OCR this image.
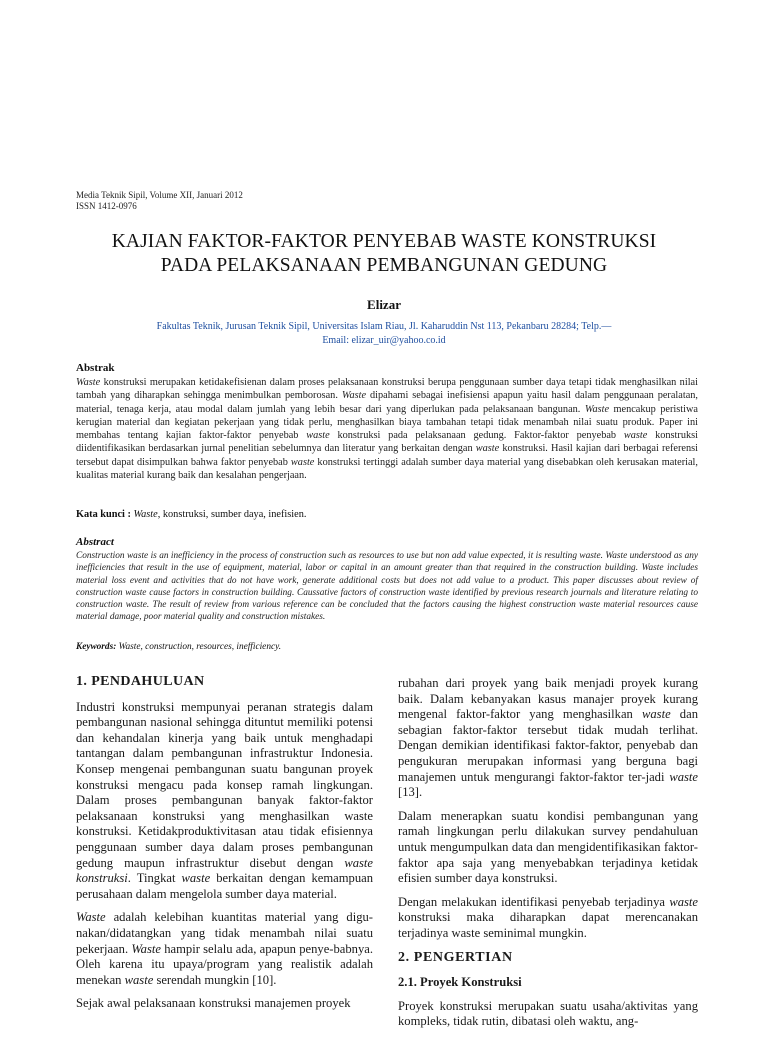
Media Teknik Sipil, Volume XII, Januari 2012
ISSN 1412-0976
KAJIAN FAKTOR-FAKTOR PENYEBAB WASTE KONSTRUKSI
PADA PELAKSANAAN PEMBANGUNAN GEDUNG
Elizar
Fakultas Teknik, Jurusan Teknik Sipil, Universitas Islam Riau, Jl. Kaharuddin Nst 113, Pekanbaru 28284; Telp.—
Email: elizar_uir@yahoo.co.id
Abstrak
Waste konstruksi merupakan ketidakefisienan dalam proses pelaksanaan konstruksi berupa penggunaan sumber daya tetapi tidak menghasilkan nilai tambah yang diharapkan sehingga menimbulkan pemborosan. Waste dipahami sebagai inefisiensi apapun yaitu hasil dalam penggunaan peralatan, material, tenaga kerja, atau modal dalam jumlah yang lebih besar dari yang diperlukan pada pelaksanaan bangunan. Waste mencakup peristiwa kerugian material dan kegiatan pekerjaan yang tidak perlu, menghasilkan biaya tambahan tetapi tidak menambah nilai suatu produk. Paper ini membahas tentang kajian faktor-faktor penyebab waste konstruksi pada pelaksanaan gedung. Faktor-faktor penyebab waste konstruksi diidentifikasikan berdasarkan jurnal penelitian sebelumnya dan literatur yang berkaitan dengan waste konstruksi. Hasil kajian dari berbagai referensi tersebut dapat disimpulkan bahwa faktor penyebab waste konstruksi tertinggi adalah sumber daya material yang disebabkan oleh kerusakan material, kualitas material kurang baik dan kesalahan pengerjaan.
Kata kunci : Waste, konstruksi, sumber daya, inefisien.
Abstract
Construction waste is an inefficiency in the process of construction such as resources to use but non add value expected, it is resulting waste. Waste understood as any inefficiencies that result in the use of equipment, material, labor or capital in an amount greater than that required in the construction building. Waste includes material loss event and activities that do not have work, generate additional costs but does not add value to a product. This paper discusses about review of construction waste cause factors in construction building. Caussative factors of construction waste identified by previous research journals and literature relating to construction waste. The result of review from various reference can be concluded that the factors causing the highest construction waste material resources cause material damage, poor material quality and construction mistakes.
Keywords: Waste, construction, resources, inefficiency.
1. PENDAHULUAN

Industri konstruksi mempunyai peranan strategis dalam pembangunan nasional sehingga dituntut memiliki potensi dan kehandalan kinerja yang baik untuk menghadapi tantangan dalam pembangunan infrastruktur Indonesia. Konsep mengenai pembangunan suatu bangunan proyek konstruksi mengacu pada konsep ramah lingkungan. Dalam proses pembangunan banyak faktor-faktor pelaksanaan konstruksi yang menghasilkan waste konstruksi. Ketidakproduktivitasan atau tidak efisiennya penggunaan sumber daya dalam proses pembangunan gedung maupun infrastruktur disebut dengan waste konstruksi. Tingkat waste berkaitan dengan kemampuan perusahaan dalam mengelola sumber daya material.

Waste adalah kelebihan kuantitas material yang digu-nakan/didatangkan yang tidak menambah nilai suatu pekerjaan. Waste hampir selalu ada, apapun penye-babnya. Oleh karena itu upaya/program yang realistik adalah menekan waste serendah mungkin [10].

Sejak awal pelaksanaan konstruksi manajemen proyek

rubahan dari proyek yang baik menjadi proyek kurang baik. Dalam kebanyakan kasus manajer proyek kurang mengenal faktor-faktor yang menghasilkan waste dan sebagian faktor-faktor tersebut tidak mudah terlihat. Dengan demikian identifikasi faktor-faktor, penyebab dan pengukuran merupakan informasi yang berguna bagi manajemen untuk mengurangi faktor-faktor ter-jadi waste [13].

Dalam menerapkan suatu kondisi pembangunan yang ramah lingkungan perlu dilakukan survey pendahuluan untuk mengumpulkan data dan mengidentifikasikan faktor-faktor apa saja yang menyebabkan terjadinya ketidak efisien sumber daya konstruksi.

Dengan melakukan identifikasi penyebab terjadinya waste konstruksi maka diharapkan dapat merencanakan terjadinya waste seminimal mungkin.

2. PENGERTIAN
2.1. Proyek Konstruksi

Proyek konstruksi merupakan suatu usaha/aktivitas yang kompleks, tidak rutin, dibatasi oleh waktu, ang-
